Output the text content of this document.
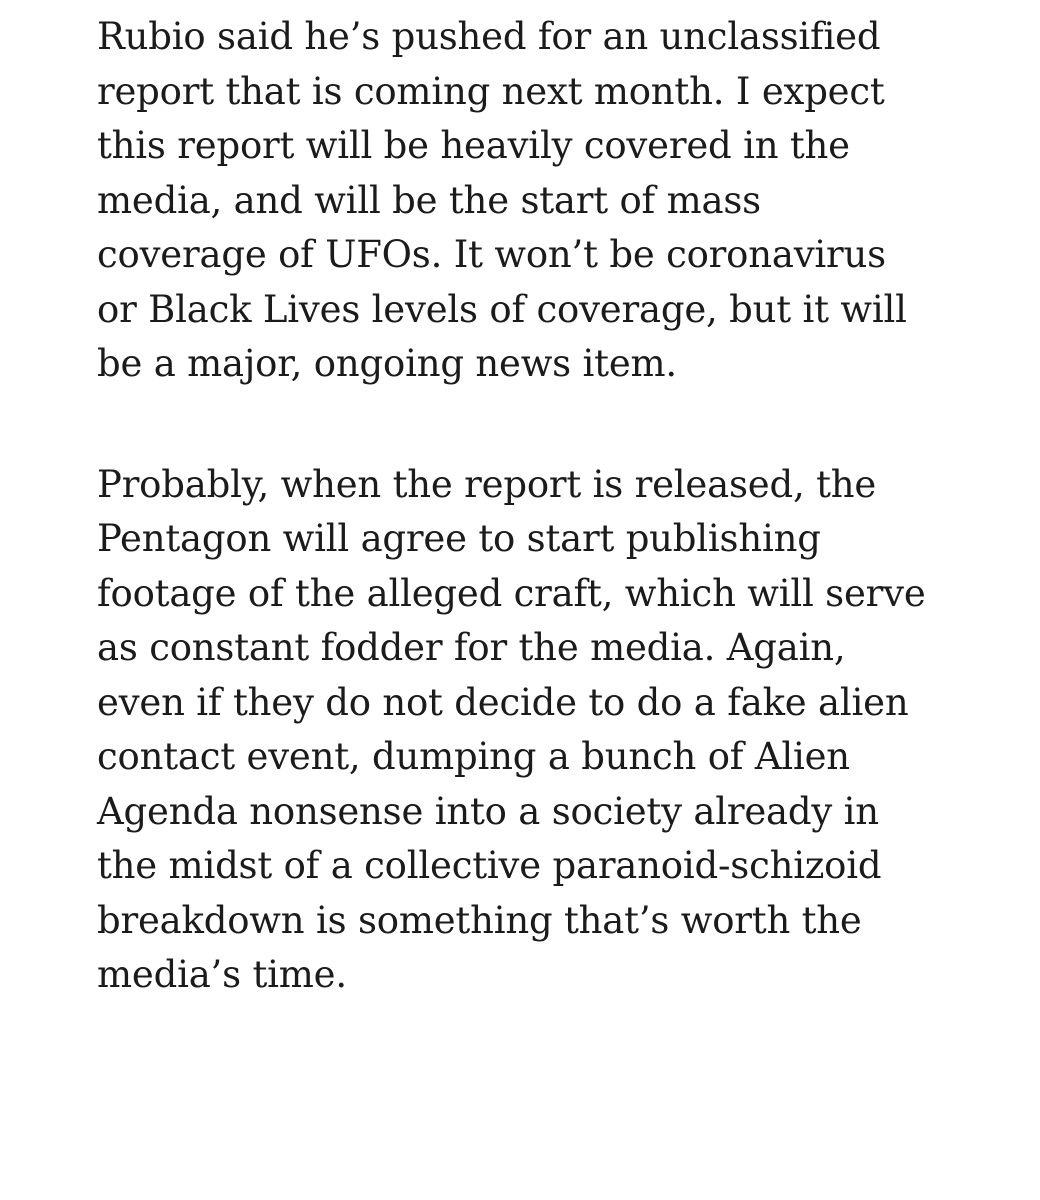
Rubio said he’s pushed for an unclassified
report that is coming next month. I expect
this report will be heavily covered in the
media, and will be the start of mass
coverage of UFOs. It won’t be coronavirus
or Black Lives levels of coverage, but it will
be a major, ongoing news item.

Probably, when the report is released, the
Pentagon will agree to start publishing
footage of the alleged craft, which will serve
as constant fodder for the media. Again,
even if they do not decide to do a fake alien
contact event, dumping a bunch of Alien
Agenda nonsense into a society already in
the midst of a collective paranoid-schizoid
breakdown is something that’s worth the
media’s time.
